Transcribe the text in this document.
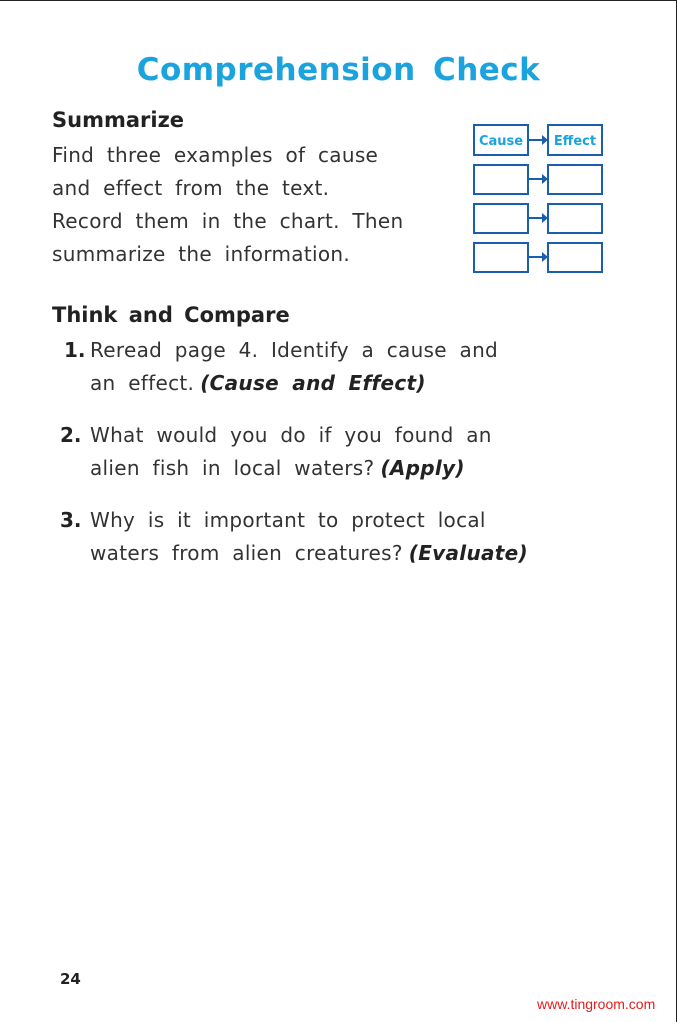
Comprehension Check
Summarize
Find three examples of cause
and effect from the text.
Record them in the chart. Then
summarize the information.
Cause Effect
Think and Compare
1. Reread page 4. Identify a cause and
an effect. (Cause and Effect)
2. What would you do if you found an
alien fish in local waters? (Apply)
3. Why is it important to protect local
waters from alien creatures? (Evaluate)
24
www.tingroom.com
